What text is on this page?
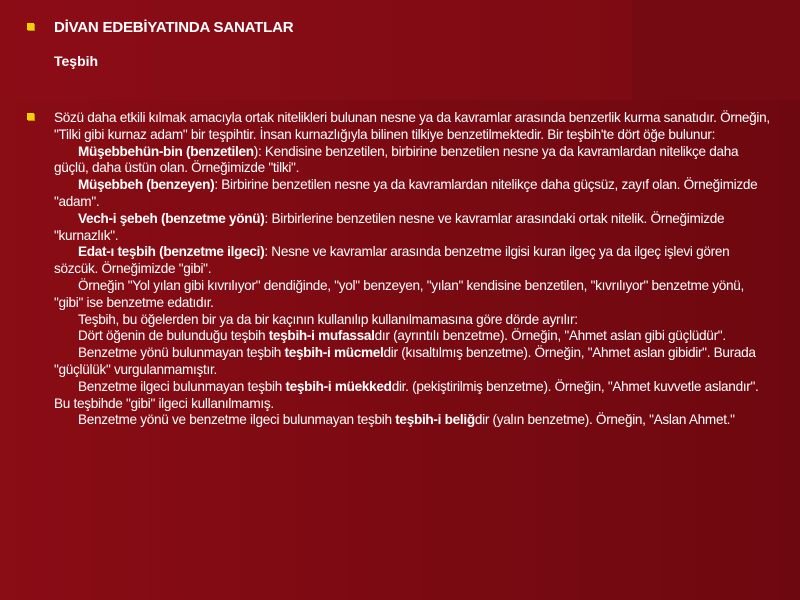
DİVAN EDEBİYATINDA SANATLAR
Teşbih

Sözü daha etkili kılmak amacıyla ortak nitelikleri bulunan nesne ya da kavramlar arasında benzerlik kurma sanatıdır. Örneğin, "Tilki gibi kurnaz adam" bir teşpihtir. İnsan kurnazlığıyla bilinen tilkiye benzetilmektedir. Bir teşbih'te dört öğe bulunur:

Müşebbehün-bin (benzetilen): Kendisine benzetilen, birbirine benzetilen nesne ya da kavramlardan nitelikçe daha güçlü, daha üstün olan. Örneğimizde "tilki".

Müşebbeh (benzeyen): Birbirine benzetilen nesne ya da kavramlardan nitelikçe daha güçsüz, zayıf olan. Örneğimizde "adam".

Vech-i şebeh (benzetme yönü): Birbirlerine benzetilen nesne ve kavramlar arasındaki ortak nitelik. Örneğimizde "kurnazlık".

Edat-ı teşbih (benzetme ilgeci): Nesne ve kavramlar arasında benzetme ilgisi kuran ilgeç ya da ilgeç işlevi gören sözcük. Örneğimizde "gibi".

Örneğin "Yol yılan gibi kıvrılıyor" dendiğinde, "yol" benzeyen, "yılan" kendisine benzetilen, "kıvrılıyor" benzetme yönü, "gibi" ise benzetme edatıdır.

Teşbih, bu öğelerden bir ya da bir kaçının kullanılıp kullanılmamasına göre dörde ayrılır:

Dört öğenin de bulunduğu teşbih teşbih-i mufassaldır (ayrıntılı benzetme). Örneğin, "Ahmet aslan gibi güçlüdür".

Benzetme yönü bulunmayan teşbih teşbih-i mücmeldir (kısaltılmış benzetme). Örneğin, "Ahmet aslan gibidir". Burada "güçlülük" vurgulanmamıştır.

Benzetme ilgeci bulunmayan teşbih teşbih-i müekkeddir. (pekiştirilmiş benzetme). Örneğin, "Ahmet kuvvetle aslandır". Bu teşbihde "gibi" ilgeci kullanılmamış.

Benzetme yönü ve benzetme ilgeci bulunmayan teşbih teşbih-i beliğdir (yalın benzetme). Örneğin, "Aslan Ahmet."
